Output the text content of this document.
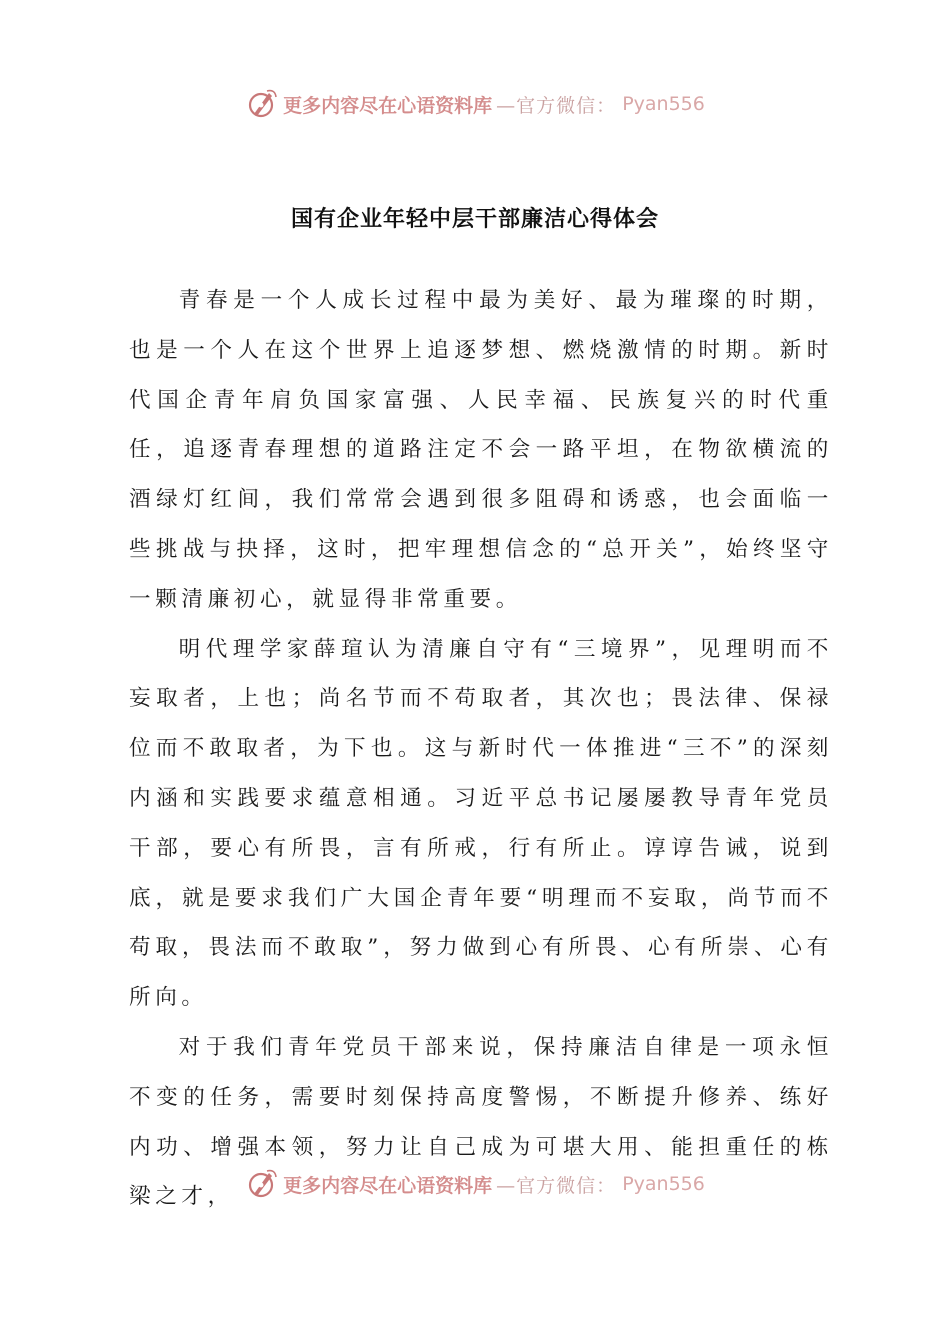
更多内容尽在心语资料库 —官方微信： Pyan556
国有企业年轻中层干部廉洁心得体会

青春是一个人成长过程中最为美好、最为璀璨的时期，也是一个人在这个世界上追逐梦想、燃烧激情的时期。新时代国企青年肩负国家富强、人民幸福、民族复兴的时代重任，追逐青春理想的道路注定不会一路平坦，在物欲横流的酒绿灯红间，我们常常会遇到很多阻碍和诱惑，也会面临一些挑战与抉择，这时，把牢理想信念的“总开关”，始终坚守一颗清廉初心，就显得非常重要。

明代理学家薛瑄认为清廉自守有“三境界”，见理明而不妄取者，上也；尚名节而不苟取者，其次也；畏法律、保禄位而不敢取者，为下也。这与新时代一体推进“三不”的深刻内涵和实践要求蕴意相通。习近平总书记屡屡教导青年党员干部，要心有所畏，言有所戒，行有所止。谆谆告诫，说到底，就是要求我们广大国企青年要“明理而不妄取，尚节而不苟取，畏法而不敢取”，努力做到心有所畏、心有所崇、心有所向。

对于我们青年党员干部来说，保持廉洁自律是一项永恒不变的任务，需要时刻保持高度警惕，不断提升修养、练好内功、增强本领，努力让自己成为可堪大用、能担重任的栋梁之才，	更多内容尽在心语资料库 —官方微信： Pyan556
